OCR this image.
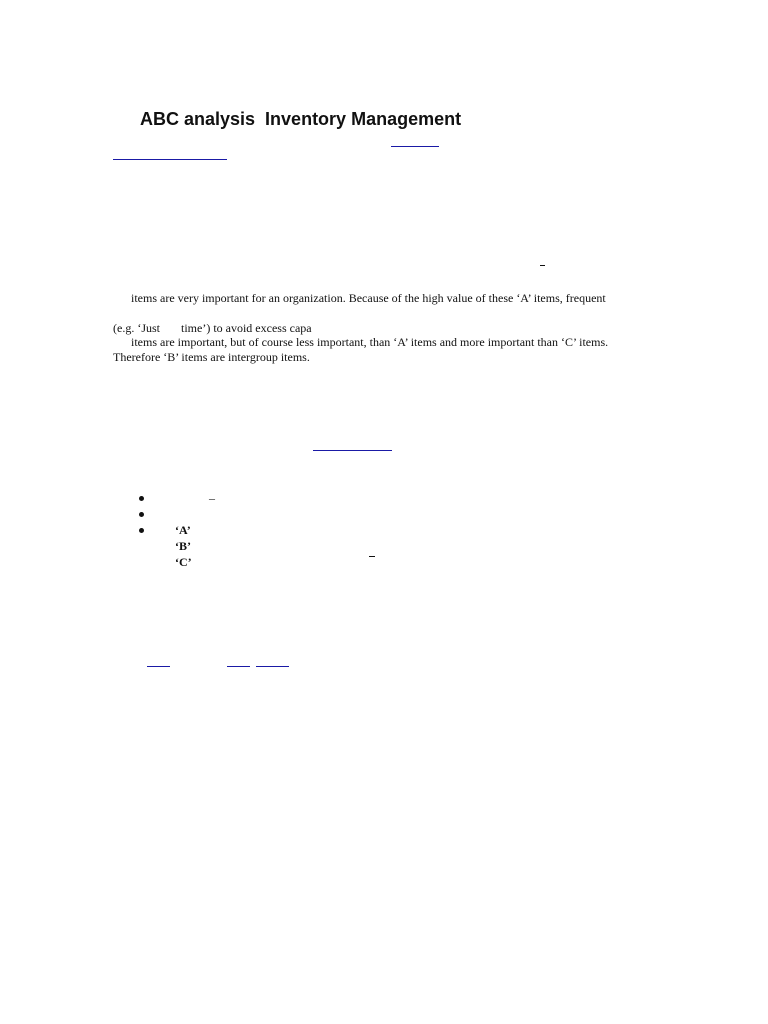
ABC analysis  Inventory Management
items are very important for an organization. Because of the high value of these ‘A’ items, frequent
(e.g. ‘Just       time’) to avoid excess capa
items are important, but of course less important, than ‘A’ items and more important than ‘C’ items.
Therefore ‘B’ items are intergroup items.

‘A’

–

‘B’

‘C’
